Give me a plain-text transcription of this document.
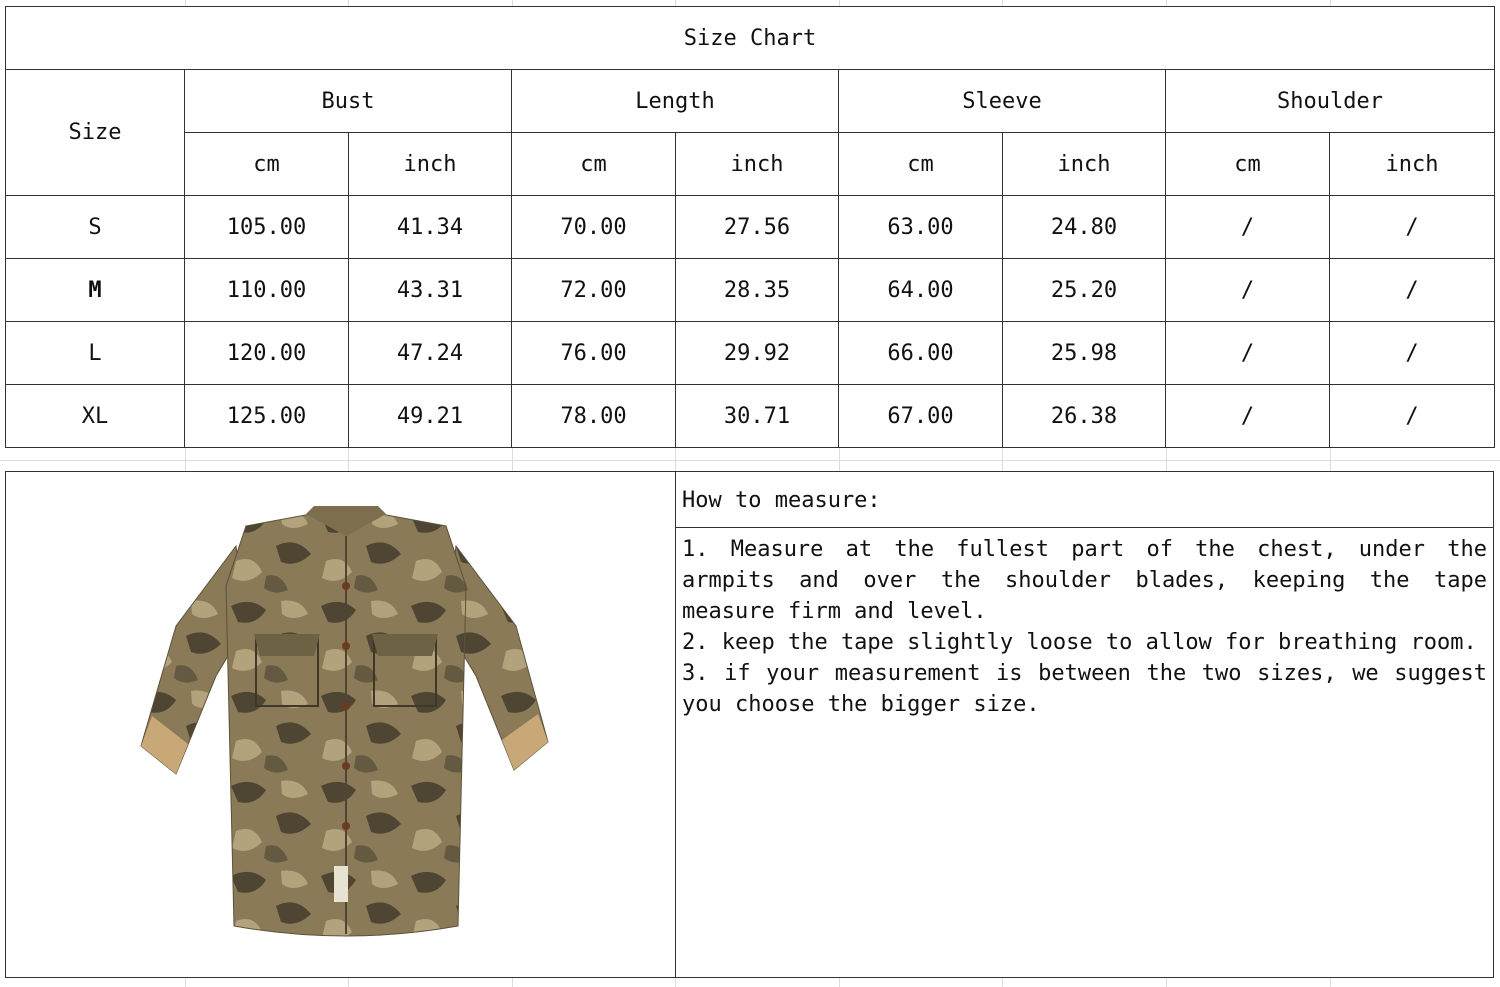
Size Chart								
Size	Bust		Length		Sleeve		Shoulder	
	cm	inch	cm	inch	cm	inch	cm	inch
S	105.00	41.34	70.00	27.56	63.00	24.80	/	/
M	110.00	43.31	72.00	28.35	64.00	25.20	/	/
L	120.00	47.24	76.00	29.92	66.00	25.98	/	/
XL	125.00	49.21	78.00	30.71	67.00	26.38	/	/
How to measure:

1. Measure at the fullest part of the chest, under the armpits and over the shoulder blades, keeping the tape measure firm and level.

2. keep the tape slightly loose to allow for breathing room.

3. if your measurement is between the two sizes, we suggest you choose the bigger size.
